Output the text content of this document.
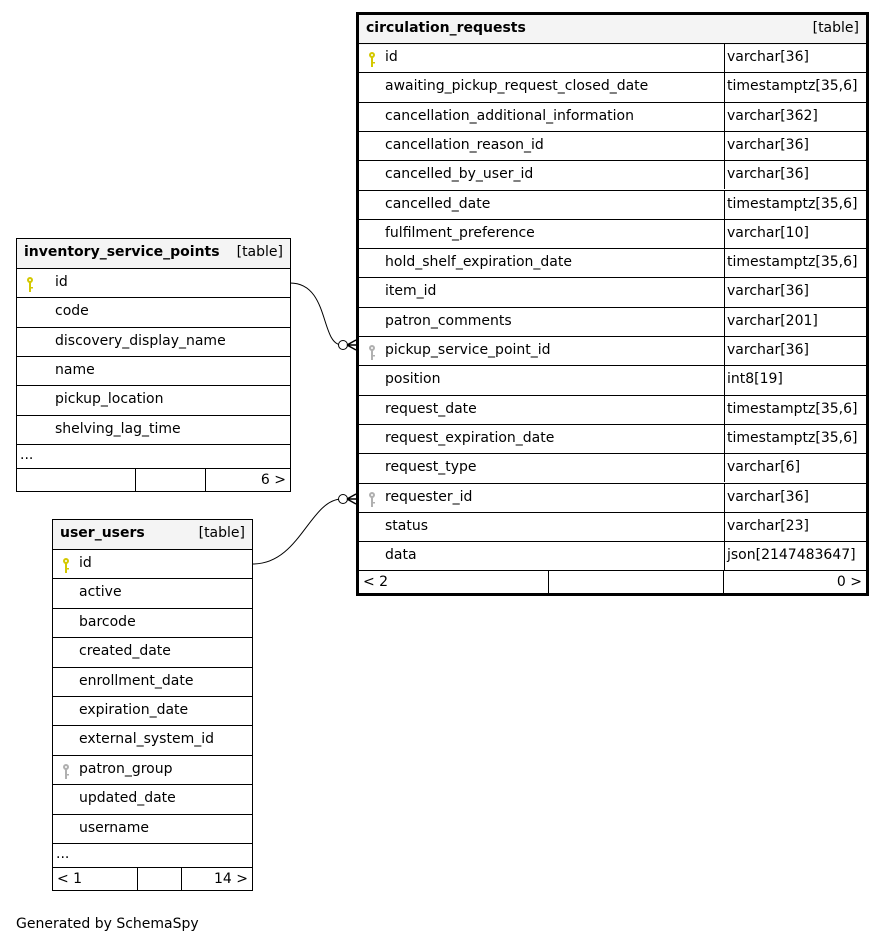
circulation_requests	[table]
id	varchar[36]
awaiting_pickup_request_closed_date	timestamptz[35,6]
cancellation_additional_information	varchar[362]
cancellation_reason_id	varchar[36]
cancelled_by_user_id	varchar[36]
cancelled_date	timestamptz[35,6]
fulfilment_preference	varchar[10]
hold_shelf_expiration_date	timestamptz[35,6]
item_id	varchar[36]
patron_comments	varchar[201]
pickup_service_point_id	varchar[36]
position	int8[19]
request_date	timestamptz[35,6]
request_expiration_date	timestamptz[35,6]
request_type	varchar[6]
requester_id	varchar[36]
status	varchar[23]
data	json[2147483647]
< 2	0 >
inventory_service_points [table]
id
code
discovery_display_name
name
pickup_location
shelving_lag_time
...
6 >
user_users	[table]
id
active
barcode
created_date
enrollment_date
expiration_date
external_system_id
patron_group
updated_date
username
...
< 1	14 >
Generated by SchemaSpy
